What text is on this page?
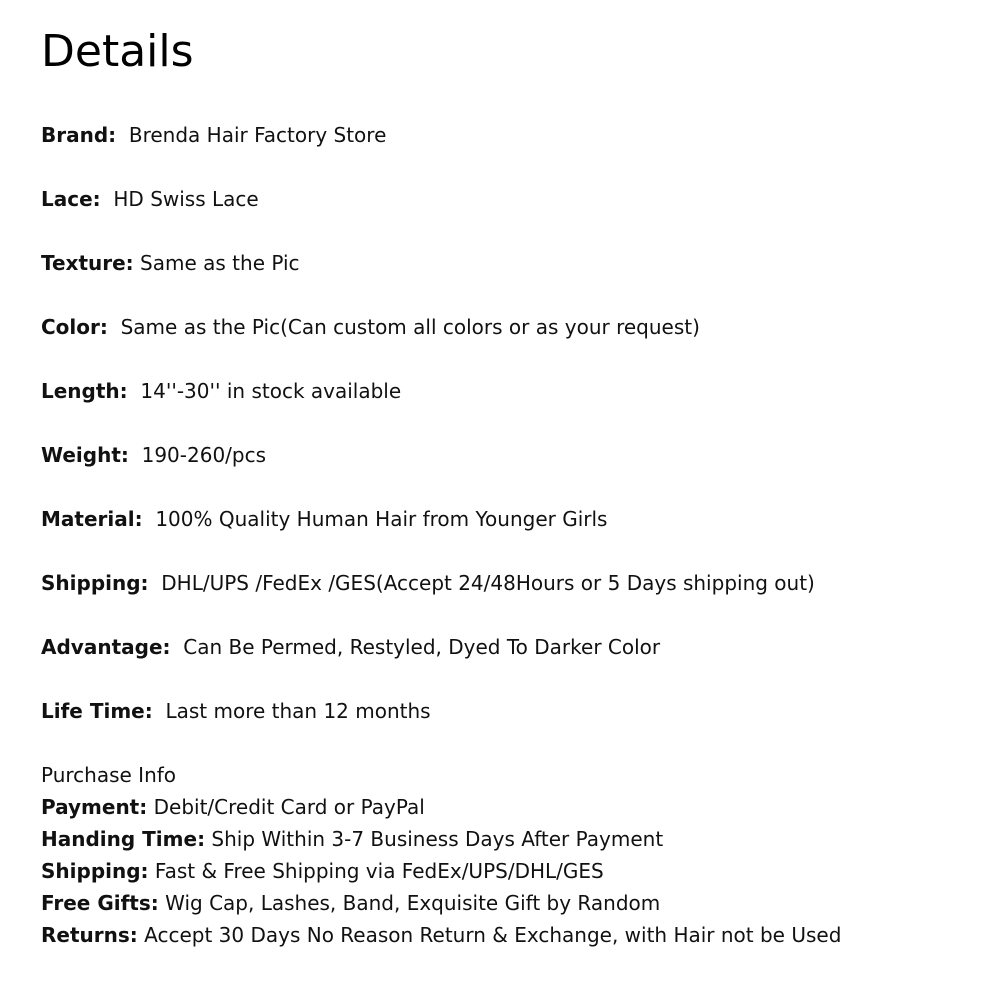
Details
Brand: Brenda Hair Factory Store
Lace: HD Swiss Lace
Texture: Same as the Pic
Color: Same as the Pic(Can custom all colors or as your request)
Length: 14''-30'' in stock available
Weight: 190-260/pcs
Material: 100% Quality Human Hair from Younger Girls
Shipping: DHL/UPS /FedEx /GES(Accept 24/48Hours or 5 Days shipping out)
Advantage: Can Be Permed, Restyled, Dyed To Darker Color
Life Time: Last more than 12 months
Purchase Info
Payment: Debit/Credit Card or PayPal
Handing Time: Ship Within 3-7 Business Days After Payment
Shipping: Fast & Free Shipping via FedEx/UPS/DHL/GES
Free Gifts: Wig Cap, Lashes, Band, Exquisite Gift by Random
Returns: Accept 30 Days No Reason Return & Exchange, with Hair not be Used
